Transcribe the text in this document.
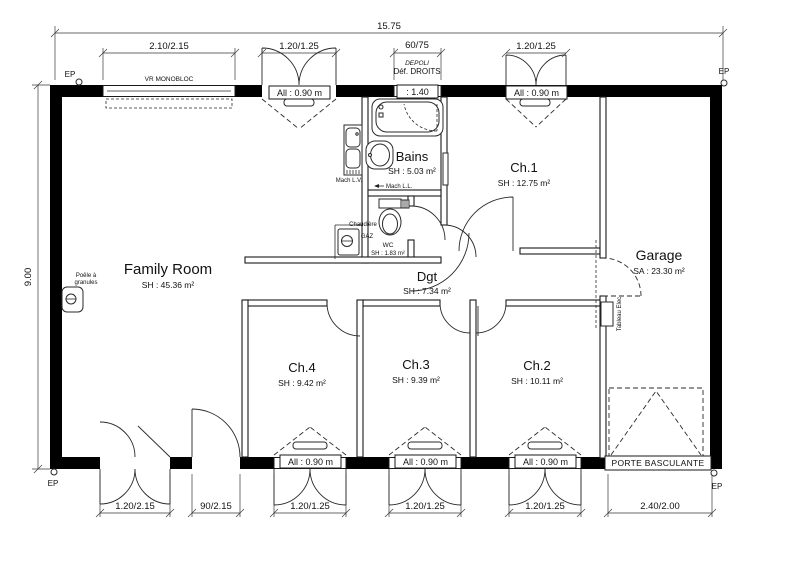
15.75
2.10/2.15	1.20/1.25	60/75	1.20/1.25
9.00
1.20/2.15	90/2.15	1.20/1.25	1.20/1.25	1.20/1.25	2.40/2.00
VR MONOBLOC
All : 0.90 m
DEPOLI
Déf. DROITS
: 1.40	All : 0.90 m
All : 0.90 m	All : 0.90 m	All : 0.90 m	PORTE BASCULANTE
EP	EP
EP	EP
Family Room
SH : 45.36 m²
Bains
SH : 5.03 m²
WC
SH : 1.83 m²
Ch.1
SH : 12.75 m²
Dgt
SH : 7.34 m²
Ch.4
SH : 9.42 m²
Ch.3
SH : 9.39 m²
Ch.2
SH : 10.11 m²
Garage
SA : 23.30 m²
Poêle à
granules
Mach L.V.
Mach L.L.
Chaudière
GAZ
Tableau Elec
